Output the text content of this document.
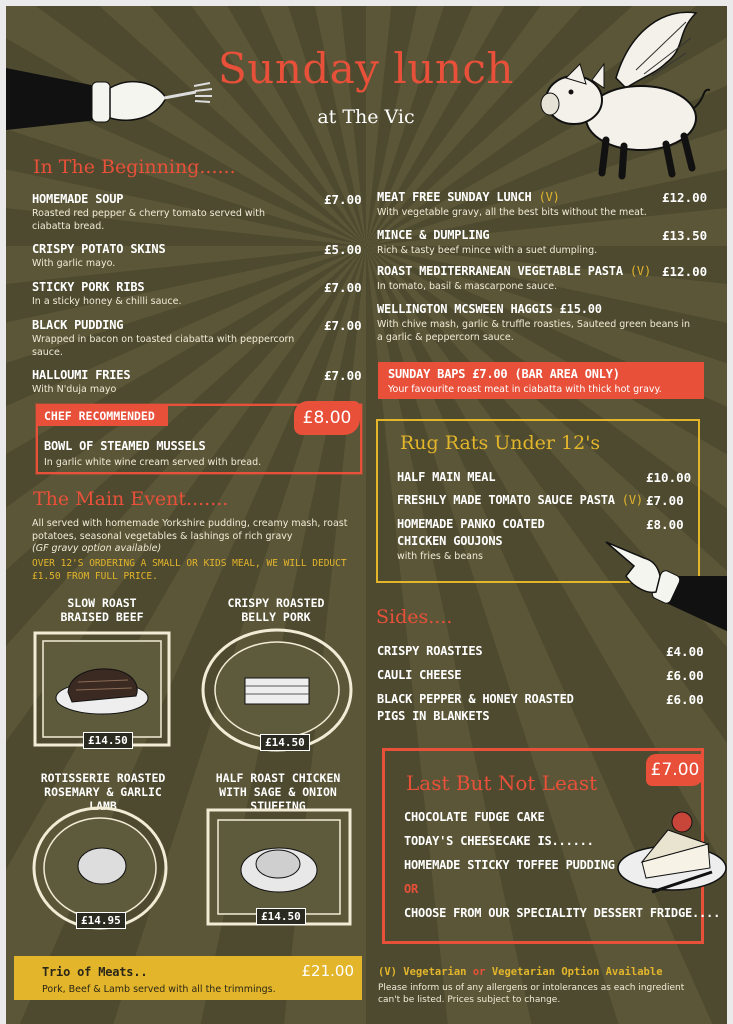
Sunday lunch
at The Vic
In The Beginning......
HOMEMADE SOUP	£7.00
Roasted red pepper & cherry tomato served with ciabatta bread.
CRISPY POTATO SKINS	£5.00
With garlic mayo.
STICKY PORK RIBS	£7.00
In a sticky honey & chilli sauce.
BLACK PUDDING	£7.00
Wrapped in bacon on toasted ciabatta with peppercorn sauce.
HALLOUMI FRIES	£7.00
With N'duja mayo
CHEF RECOMMENDED
BOWL OF STEAMED MUSSELS
In garlic white wine cream served with bread.
£8.00
The Main Event.......
All served with homemade Yorkshire pudding, creamy mash, roast potatoes, seasonal vegetables & lashings of rich gravy
(GF gravy option available)
OVER 12'S ORDERING A SMALL OR KIDS MEAL, WE WILL DEDUCT £1.50 FROM FULL PRICE.
SLOW ROAST BRAISED BEEF
£14.50
CRISPY ROASTED BELLY PORK
£14.50
ROTISSERIE ROASTED ROSEMARY & GARLIC LAMB
£14.95
HALF ROAST CHICKEN WITH SAGE & ONION STUFFING
£14.50
Trio of Meats..	£21.00
Pork, Beef & Lamb served with all the trimmings.
MEAT FREE SUNDAY LUNCH (V)	£12.00
With vegetable gravy, all the best bits without the meat.
MINCE & DUMPLING	£13.50
Rich & tasty beef mince with a suet dumpling.
ROAST MEDITERRANEAN VEGETABLE PASTA (V) £12.00
In tomato, basil & mascarpone sauce.
WELLINGTON MCSWEEN HAGGIS £15.00
With chive mash, garlic & truffle roasties, Sauteed green beans in a garlic & peppercorn sauce.
SUNDAY BAPS £7.00 (BAR AREA ONLY)
Your favourite roast meat in ciabatta with thick hot gravy.
Rug Rats Under 12's
HALF MAIN MEAL	£10.00
FRESHLY MADE TOMATO SAUCE PASTA (V) £7.00
HOMEMADE PANKO COATED
CHICKEN GOUJONS
£8.00
with fries & beans
Sides....
CRISPY ROASTIES	£4.00
CAULI CHEESE	£6.00
BLACK PEPPER & HONEY ROASTED
PIGS IN BLANKETS
£6.00
Last But Not Least
£7.00
CHOCOLATE FUDGE CAKE
TODAY'S CHEESECAKE IS......
HOMEMADE STICKY TOFFEE PUDDING
OR
CHOOSE FROM OUR SPECIALITY DESSERT FRIDGE....
(V) Vegetarian or Vegetarian Option Available
Please inform us of any allergens or intolerances as each ingredient can't be listed. Prices subject to change.
